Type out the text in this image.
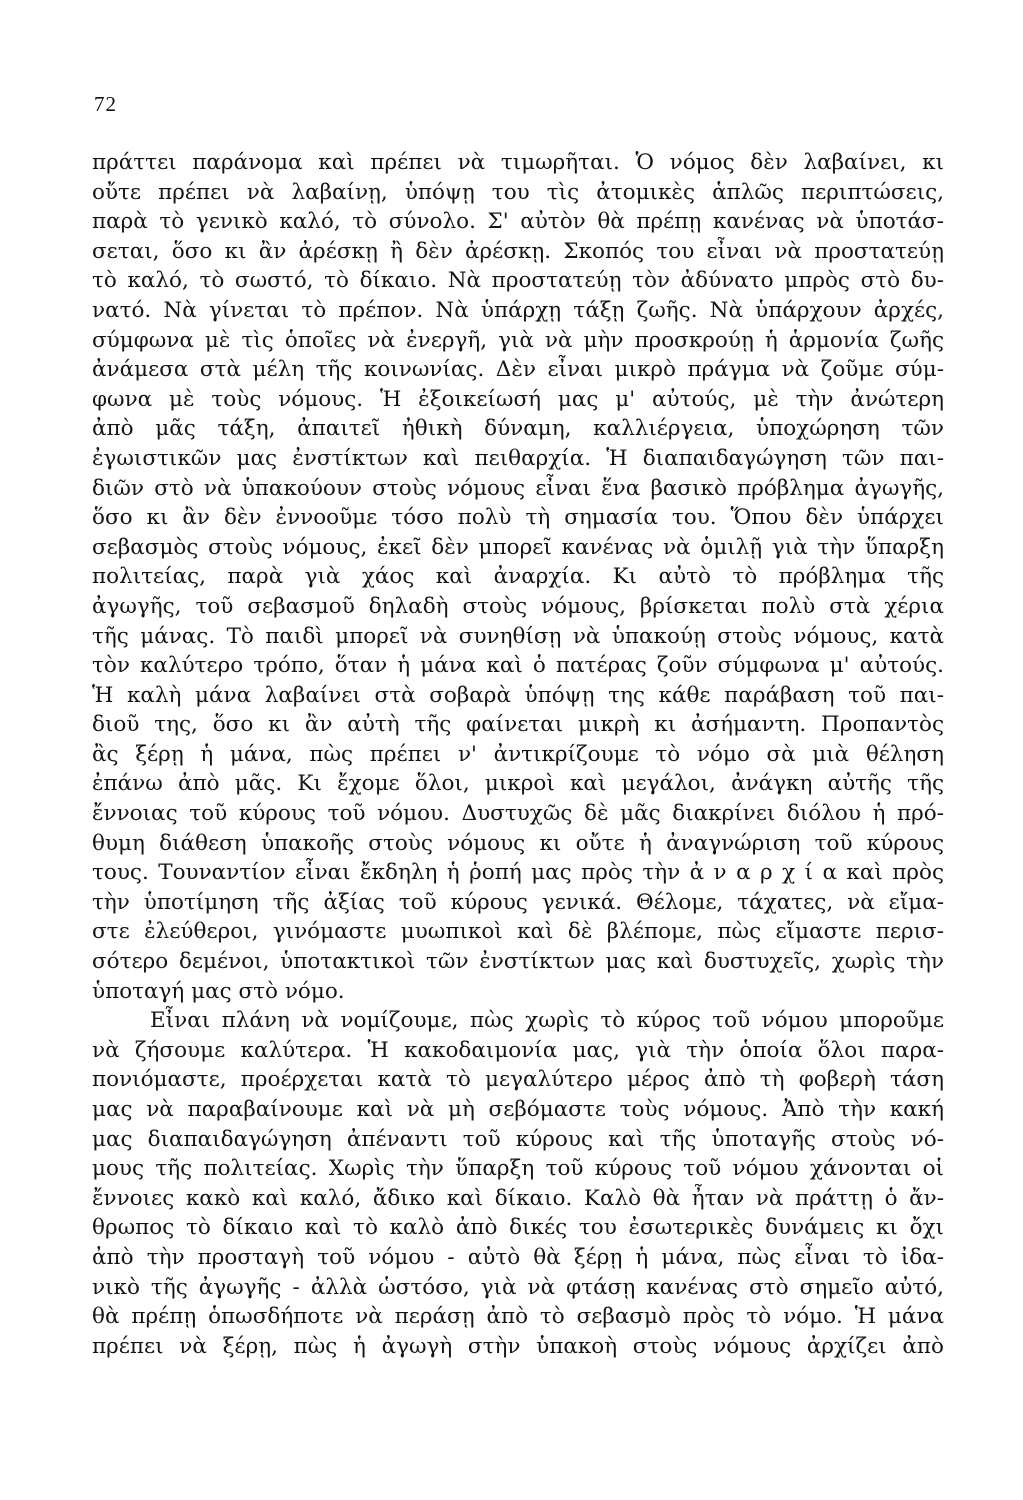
72
πράττει παράνομα καὶ πρέπει νὰ τιμωρῆται. Ὁ νόμος δὲν λαβαίνει, κι
οὔτε πρέπει νὰ λαβαίνῃ, ὑπόψῃ του τὶς ἀτομικὲς ἁπλῶς περιπτώσεις,
παρὰ τὸ γενικὸ καλό, τὸ σύνολο. Σ' αὐτὸν θὰ πρέπῃ κανένας νὰ ὑποτάσ-
σεται, ὅσο κι ἂν ἀρέσκῃ ἢ δὲν ἀρέσκῃ. Σκοπός του εἶναι νὰ προστατεύῃ
τὸ καλό, τὸ σωστό, τὸ δίκαιο. Νὰ προστατεύῃ τὸν ἀδύνατο μπρὸς στὸ δυ-
νατό. Νὰ γίνεται τὸ πρέπον. Νὰ ὑπάρχῃ τάξῃ ζωῆς. Νὰ ὑπάρχουν ἀρχές,
σύμφωνα μὲ τὶς ὁποῖες νὰ ἐνεργῆ, γιὰ νὰ μὴν προσκρούῃ ἡ ἁρμονία ζωῆς
ἀνάμεσα στὰ μέλη τῆς κοινωνίας. Δὲν εἶναι μικρὸ πράγμα νὰ ζοῦμε σύμ-
φωνα μὲ τοὺς νόμους. Ἡ ἐξοικείωσή μας μ' αὐτούς, μὲ τὴν ἀνώτερη
ἀπὸ μᾶς τάξη, ἀπαιτεῖ ἠθικὴ δύναμη, καλλιέργεια, ὑποχώρηση τῶν
ἐγωιστικῶν μας ἐνστίκτων καὶ πειθαρχία. Ἡ διαπαιδαγώγηση τῶν παι-
διῶν στὸ νὰ ὑπακούουν στοὺς νόμους εἶναι ἕνα βασικὸ πρόβλημα ἀγωγῆς,
ὅσο κι ἂν δὲν ἐννοοῦμε τόσο πολὺ τὴ σημασία του. Ὅπου δὲν ὑπάρχει
σεβασμὸς στοὺς νόμους, ἐκεῖ δὲν μπορεῖ κανένας νὰ ὁμιλῇ γιὰ τὴν ὕπαρξη
πολιτείας, παρὰ γιὰ χάος καὶ ἀναρχία. Κι αὐτὸ τὸ πρόβλημα τῆς
ἀγωγῆς, τοῦ σεβασμοῦ δηλαδὴ στοὺς νόμους, βρίσκεται πολὺ στὰ χέρια
τῆς μάνας. Τὸ παιδὶ μπορεῖ νὰ συνηθίσῃ νὰ ὑπακούῃ στοὺς νόμους, κατὰ
τὸν καλύτερο τρόπο, ὅταν ἡ μάνα καὶ ὁ πατέρας ζοῦν σύμφωνα μ' αὐτούς.
Ἡ καλὴ μάνα λαβαίνει στὰ σοβαρὰ ὑπόψῃ της κάθε παράβαση τοῦ παι-
διοῦ της, ὅσο κι ἂν αὐτὴ τῆς φαίνεται μικρὴ κι ἀσήμαντη. Προπαντὸς
ἂς ξέρῃ ἡ μάνα, πὼς πρέπει ν' ἀντικρίζουμε τὸ νόμο σὰ μιὰ θέληση
ἐπάνω ἀπὸ μᾶς. Κι ἔχομε ὅλοι, μικροὶ καὶ μεγάλοι, ἀνάγκη αὐτῆς τῆς
ἔννοιας τοῦ κύρους τοῦ νόμου. Δυστυχῶς δὲ μᾶς διακρίνει διόλου ἡ πρό-
θυμη διάθεση ὑπακοῆς στοὺς νόμους κι οὔτε ἡ ἀναγνώριση τοῦ κύρους
τους. Τουναντίον εἶναι ἔκδηλη ἡ ῥοπή μας πρὸς τὴν ἀ ν α ρ χ ί α καὶ πρὸς
τὴν ὑποτίμηση τῆς ἀξίας τοῦ κύρους γενικά. Θέλομε, τάχατες, νὰ εἴμα-
στε ἐλεύθεροι, γινόμαστε μυωπικοὶ καὶ δὲ βλέπομε, πὼς εἴμαστε περισ-
σότερο δεμένοι, ὑποτακτικοὶ τῶν ἐνστίκτων μας καὶ δυστυχεῖς, χωρὶς τὴν
ὑποταγή μας στὸ νόμο.
Εἶναι πλάνη νὰ νομίζουμε, πὼς χωρὶς τὸ κύρος τοῦ νόμου μποροῦμε
νὰ ζήσουμε καλύτερα. Ἡ κακοδαιμονία μας, γιὰ τὴν ὁποία ὅλοι παρα-
πονιόμαστε, προέρχεται κατὰ τὸ μεγαλύτερο μέρος ἀπὸ τὴ φοβερὴ τάση
μας νὰ παραβαίνουμε καὶ νὰ μὴ σεβόμαστε τοὺς νόμους. Ἀπὸ τὴν κακή
μας διαπαιδαγώγηση ἀπέναντι τοῦ κύρους καὶ τῆς ὑποταγῆς στοὺς νό-
μους τῆς πολιτείας. Χωρὶς τὴν ὕπαρξη τοῦ κύρους τοῦ νόμου χάνονται οἱ
ἔννοιες κακὸ καὶ καλό, ἄδικο καὶ δίκαιο. Καλὸ θὰ ἦταν νὰ πράττῃ ὁ ἄν-
θρωπος τὸ δίκαιο καὶ τὸ καλὸ ἀπὸ δικές του ἐσωτερικὲς δυνάμεις κι ὄχι
ἀπὸ τὴν προσταγὴ τοῦ νόμου - αὐτὸ θὰ ξέρῃ ἡ μάνα, πὼς εἶναι τὸ ἰδα-
νικὸ τῆς ἀγωγῆς - ἀλλὰ ὡστόσο, γιὰ νὰ φτάσῃ κανένας στὸ σημεῖο αὐτό,
θὰ πρέπῃ ὁπωσδήποτε νὰ περάσῃ ἀπὸ τὸ σεβασμὸ πρὸς τὸ νόμο. Ἡ μάνα
πρέπει νὰ ξέρῃ, πὼς ἡ ἀγωγὴ στὴν ὑπακοὴ στοὺς νόμους ἀρχίζει ἀπὸ
